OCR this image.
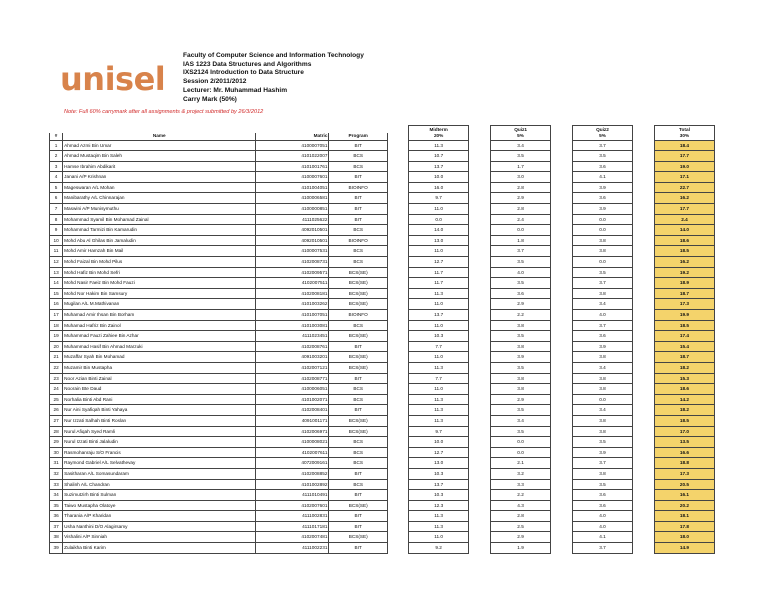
unisel
Faculty of Computer Science and Information Technology
IAS 1223 Data Structures and Algorithms
IXS2124 Introduction to Data Structure
Session 2/2011/2012
Lecturer: Mr. Muhammad Hashim
Carry Mark (50%)
Note: Full 60% carrymark after all assignments & project submitted by 26/3/2012
					Midterm		Quiz1		Quiz2		Total
#	Name	Matric	Program		20%		5%		5%		30%
1	Ahmad Azmi Bin Umar	4100007051	BIT		11.3		3.4		3.7		18.4
2	Ahmad Mustaqim Bin Saleh	4101022007	BCS		10.7		3.5		3.5		17.7
3	Hamse Ibrahim Abdikarit	4101001761	BCS		13.7		1.7		3.6		19.0
4	Janani A/P Krishnan	4100007601	BIT		10.0		3.0		4.1		17.1
5	Mageswaran A/L Mohan	4101004051	BIOINFO		16.0		2.8		3.9		22.7
6	Manibarathy A/L Chinnarajan	4100006581	BIT		9.7		2.9		3.6		16.2
7	Maswini A/P Munisymuthu	4100000851	BIT		11.0		2.8		3.9		17.7
8	Mohammad Syamil Bin Mohamad Zainal	4111025622	BIT		0.0		2.4		0.0		2.4
9	Mohammad Tarmizi Bin Kamarudin	4092010501	BCS		14.0		0.0		0.0		14.0
10	Mohd Abu Al Ghilas Bin Jamaludin	4092010501	BIOINFO		13.0		1.8		3.8		18.6
11	Mohd Amir Hamzah Bin Mail	4100007531	BCS		11.0		3.7		3.8		18.5
12	Mohd Faizal Bin Mohd Pilus	4102008731	BCS		12.7		3.5		0.0		16.2
13	Mohd Hafiz Bin Mohd Sefri	4102009571	BCS(SE)		11.7		4.0		3.5		19.2
14	Mohd Nasir Faeiz Bin Mohd Fauzi	4102007511	BCS(SE)		11.7		3.5		3.7		18.9
15	Mohd Nor Hakim Bin Samsury	4102008181	BCS(SE)		11.3		3.6		3.8		18.7
16	Mugilan A/L M.Mathivanan	4101003262	BCS(SE)		11.0		2.9		3.4		17.3
17	Muhamad Amir Ihsan Bin Borham	4101007051	BIOINFO		13.7		2.2		4.0		19.9
18	Muhamad Hafriz Bin Zainol	4101003081	BCS		11.0		3.8		3.7		18.5
19	Muhammad Fauzi Zahiee Bin Azhar	4111023451	BCS(SE)		10.3		3.5		3.6		17.4
20	Muhammad Hasif Bin Ahmad Marzuki	4102008761	BIT		7.7		3.8		3.9		15.4
21	Muzaffar Syah Bin Mohamad	4091003201	BCS(SE)		11.0		3.9		3.8		18.7
22	Muzamir Bin Mustapha	4102007121	BCS(SE)		11.3		3.5		3.4		18.2
23	Noor Azian Binti Zainal	4102008771	BIT		7.7		3.8		3.8		15.3
24	Noorain Bte Daud	4100006051	BCS		11.0		3.8		3.8		18.6
25	Norhalia Binti Abd Rani	4101002071	BCS		11.3		2.9		0.0		14.2
26	Nur Aini Syafiqah Binti Yahaya	4102008401	BIT		11.3		3.5		3.4		18.2
27	Nur Izzati Salhah Binti Roslan	4091001171	BCS(SE)		11.3		3.4		3.8		18.5
28	Nurul Afiqah Syed Ramli	4102006971	BCS(SE)		9.7		3.5		3.8		17.0
29	Nurul Izzati Binti Jalaludin	4100008021	BCS		10.0		0.0		3.5		13.5
30	Rasmohanraju S/O Francis	4102007611	BCS		12.7		0.0		3.9		16.6
31	Raymond Gabriel A/L Selvathevay	4072009161	BCS		13.0		2.1		3.7		18.8
32	Sasitharan A/L Somasundaram	4102008852	BIT		10.3		3.2		3.8		17.3
33	Shalinh A/L Chandran	4101002892	BCS		13.7		3.3		3.5		20.5
34	Suzimutzirh Binti Sulman	4111010491	BIT		10.3		2.2		3.6		16.1
35	Taiwo Mustapha Olatoye	4102007601	BCS(SE)		12.3		4.3		3.6		20.2
36	Tharania A/P Kharidan	4111002831	BIT		11.3		2.8		4.0		18.1
37	Usha Nanthini D/O Alagirsamy	4111017181	BIT		11.3		2.5		4.0		17.8
38	Vishalini A/P Sinniah	4102007481	BCS(SE)		11.0		2.9		4.1		18.0
39	Zulaikha Binti Karim	4111002231	BIT		9.2		1.9		3.7		14.9
